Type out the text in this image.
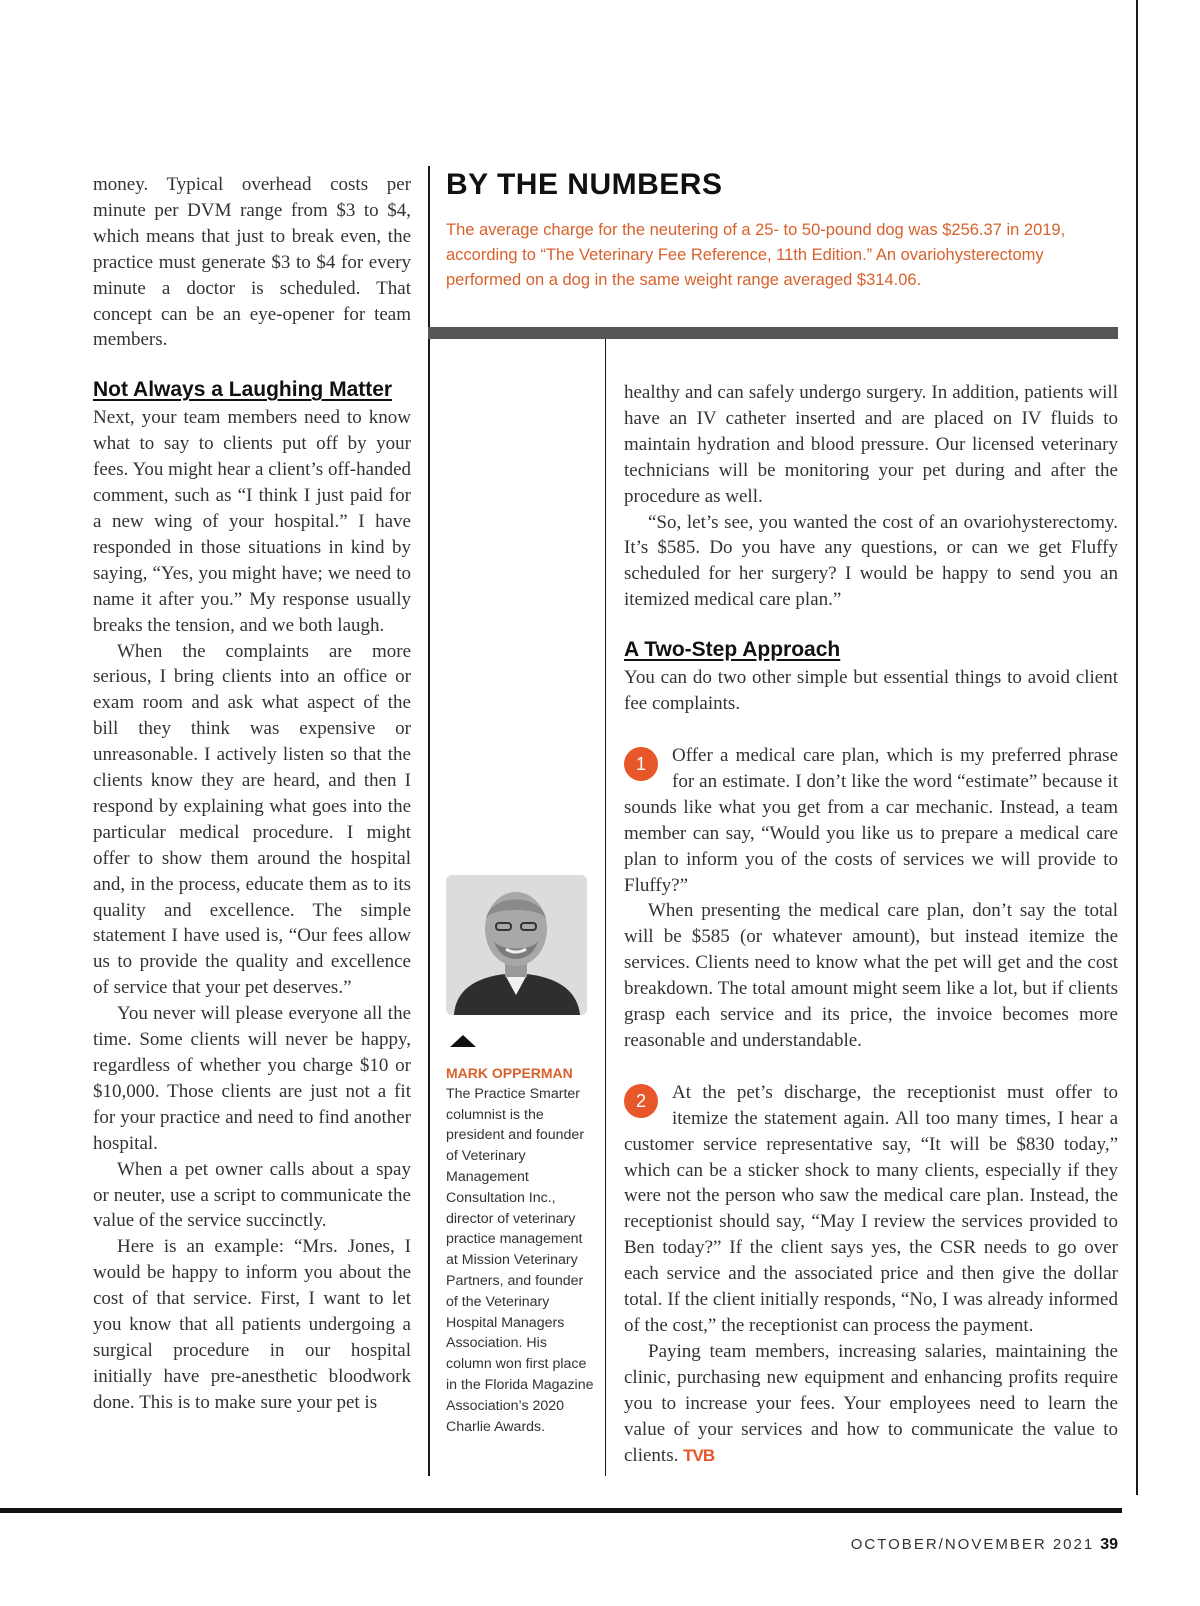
money. Typical overhead costs per minute per DVM range from $3 to $4, which means that just to break even, the practice must generate $3 to $4 for every minute a doctor is scheduled. That concept can be an eye-opener for team members.

Not Always a Laughing Matter

Next, your team members need to know what to say to clients put off by your fees. You might hear a client’s off-handed comment, such as “I think I just paid for a new wing of your hospital.” I have responded in those situations in kind by saying, “Yes, you might have; we need to name it after you.” My response usually breaks the tension, and we both laugh.

When the complaints are more serious, I bring clients into an office or exam room and ask what aspect of the bill they think was expensive or unreasonable. I actively listen so that the clients know they are heard, and then I respond by explaining what goes into the particular medical procedure. I might offer to show them around the hospital and, in the process, educate them as to its quality and excellence. The simple statement I have used is, “Our fees allow us to provide the quality and excellence of service that your pet deserves.”

You never will please everyone all the time. Some clients will never be happy, regardless of whether you charge $10 or $10,000. Those clients are just not a fit for your practice and need to find another hospital.

When a pet owner calls about a spay or neuter, use a script to communicate the value of the service succinctly.

Here is an example: “Mrs. Jones, I would be happy to inform you about the cost of that service. First, I want to let you know that all patients undergoing a surgical procedure in our hospital initially have pre-anesthetic bloodwork done. This is to make sure your pet is

BY THE NUMBERS

The average charge for the neutering of a 25- to 50-pound dog was $256.37 in 2019, according to “The Veterinary Fee Reference, 11th Edition.” An ovariohysterectomy performed on a dog in the same weight range averaged $314.06.

MARK OPPERMAN
The Practice Smarter columnist is the president and founder of Veterinary Management Consultation Inc., director of veterinary practice management at Mission Veterinary Partners, and founder of the Veterinary Hospital Managers Association. His column won first place in the Florida Magazine Association’s 2020 Charlie Awards.

healthy and can safely undergo surgery. In addition, patients will have an IV catheter inserted and are placed on IV fluids to maintain hydration and blood pressure. Our licensed veterinary technicians will be monitoring your pet during and after the procedure as well.

“So, let’s see, you wanted the cost of an ovariohysterectomy. It’s $585. Do you have any questions, or can we get Fluffy scheduled for her surgery? I would be happy to send you an itemized medical care plan.”

A Two-Step Approach

You can do two other simple but essential things to avoid client fee complaints.

1	Offer a medical care plan, which is my preferred phrase for an estimate. I don’t like the word “estimate” because it sounds like what you get from a car mechanic. Instead, a team member can say, “Would you like us to prepare a medical care plan to inform you of the costs of services we will provide to Fluffy?”

When presenting the medical care plan, don’t say the total will be $585 (or whatever amount), but instead itemize the services. Clients need to know what the pet will get and the cost breakdown. The total amount might seem like a lot, but if clients grasp each service and its price, the invoice becomes more reasonable and understandable.

2	At the pet’s discharge, the receptionist must offer to itemize the statement again. All too many times, I hear a customer service representative say, “It will be $830 today,” which can be a sticker shock to many clients, especially if they were not the person who saw the medical care plan. Instead, the receptionist should say, “May I review the services provided to Ben today?” If the client says yes, the CSR needs to go over each service and the associated price and then give the dollar total. If the client initially responds, “No, I was already informed of the cost,” the receptionist can process the payment.

Paying team members, increasing salaries, maintaining the clinic, purchasing new equipment and enhancing profits require you to increase your fees. Your employees need to learn the value of your services and how to communicate the value to clients. TVB

OCTOBER/NOVEMBER 2021 39
